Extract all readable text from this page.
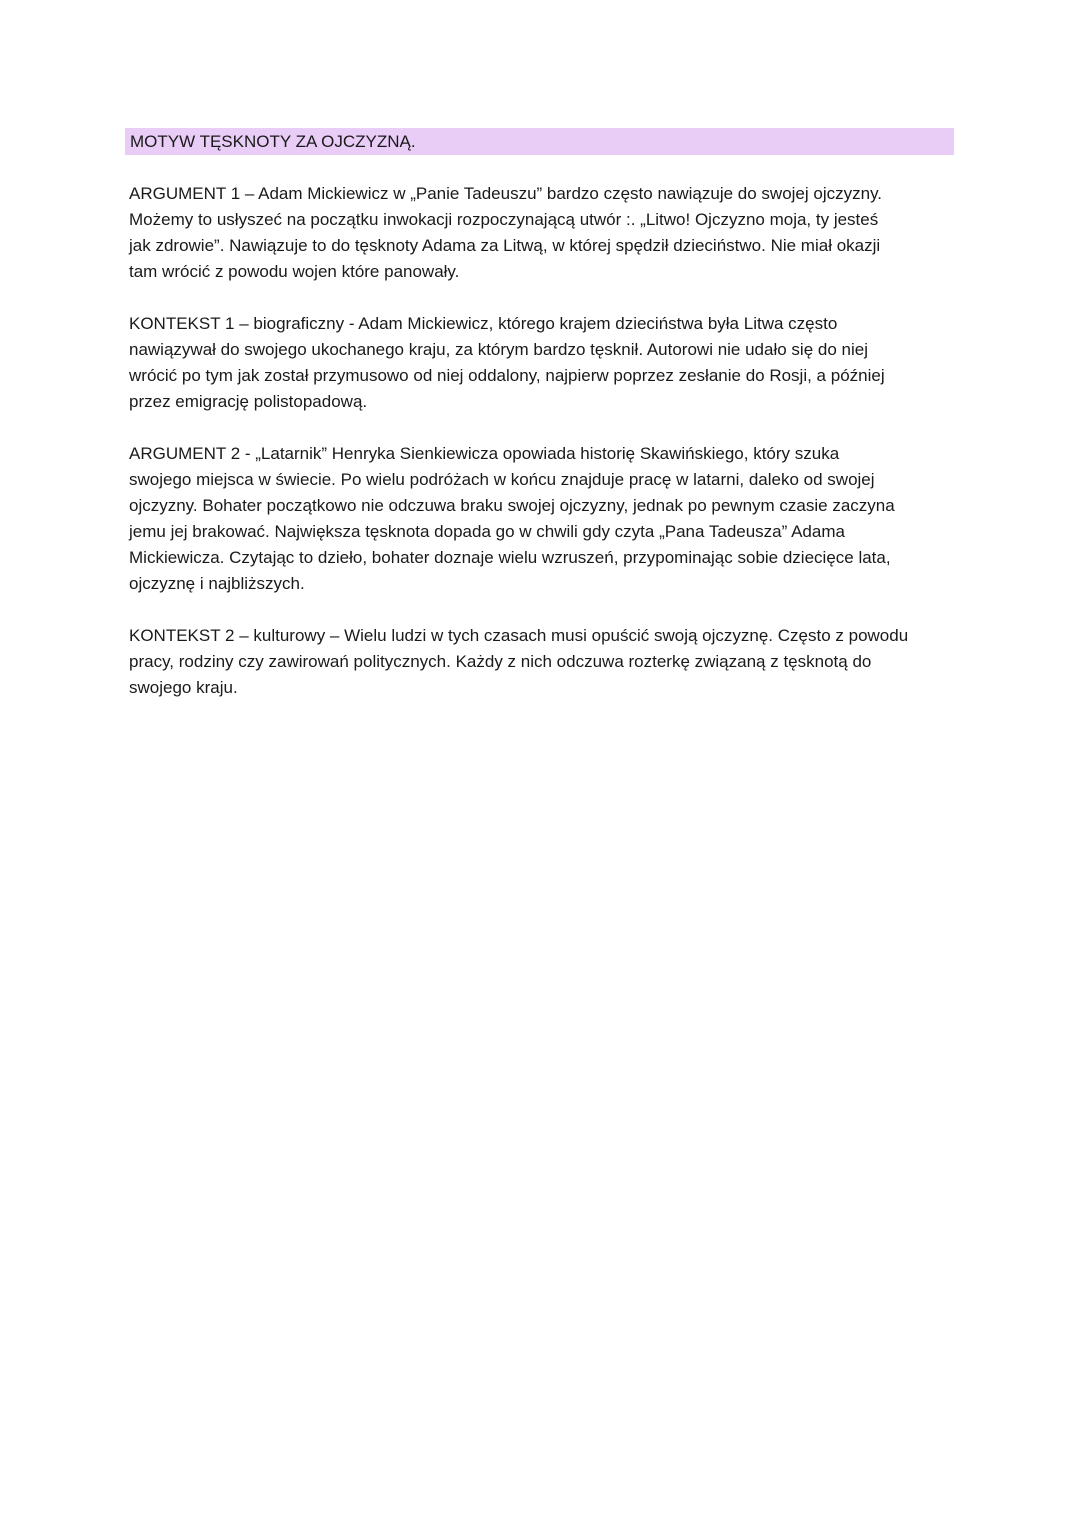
MOTYW TĘSKNOTY ZA OJCZYZNĄ.
ARGUMENT 1 – Adam Mickiewicz w „Panie Tadeuszu” bardzo często nawiązuje do swojej ojczyzny.
Możemy to usłyszeć na początku inwokacji rozpoczynającą utwór :. „Litwo! Ojczyzno moja, ty jesteś
jak zdrowie”. Nawiązuje to do tęsknoty Adama za Litwą, w której spędził dzieciństwo. Nie miał okazji
tam wrócić z powodu wojen które panowały.
KONTEKST 1 – biograficzny - Adam Mickiewicz, którego krajem dzieciństwa była Litwa często
nawiązywał do swojego ukochanego kraju, za którym bardzo tęsknił. Autorowi nie udało się do niej
wrócić po tym jak został przymusowo od niej oddalony, najpierw poprzez zesłanie do Rosji, a później
przez emigrację polistopadową.
ARGUMENT 2 - „Latarnik” Henryka Sienkiewicza opowiada historię Skawińskiego, który szuka
swojego miejsca w świecie. Po wielu podróżach w końcu znajduje pracę w latarni, daleko od swojej
ojczyzny. Bohater początkowo nie odczuwa braku swojej ojczyzny, jednak po pewnym czasie zaczyna
jemu jej brakować. Największa tęsknota dopada go w chwili gdy czyta „Pana Tadeusza” Adama
Mickiewicza. Czytając to dzieło, bohater doznaje wielu wzruszeń, przypominając sobie dziecięce lata,
ojczyznę i najbliższych.
KONTEKST 2 – kulturowy – Wielu ludzi w tych czasach musi opuścić swoją ojczyznę. Często z powodu
pracy, rodziny czy zawirowań politycznych. Każdy z nich odczuwa rozterkę związaną z tęsknotą do
swojego kraju.
